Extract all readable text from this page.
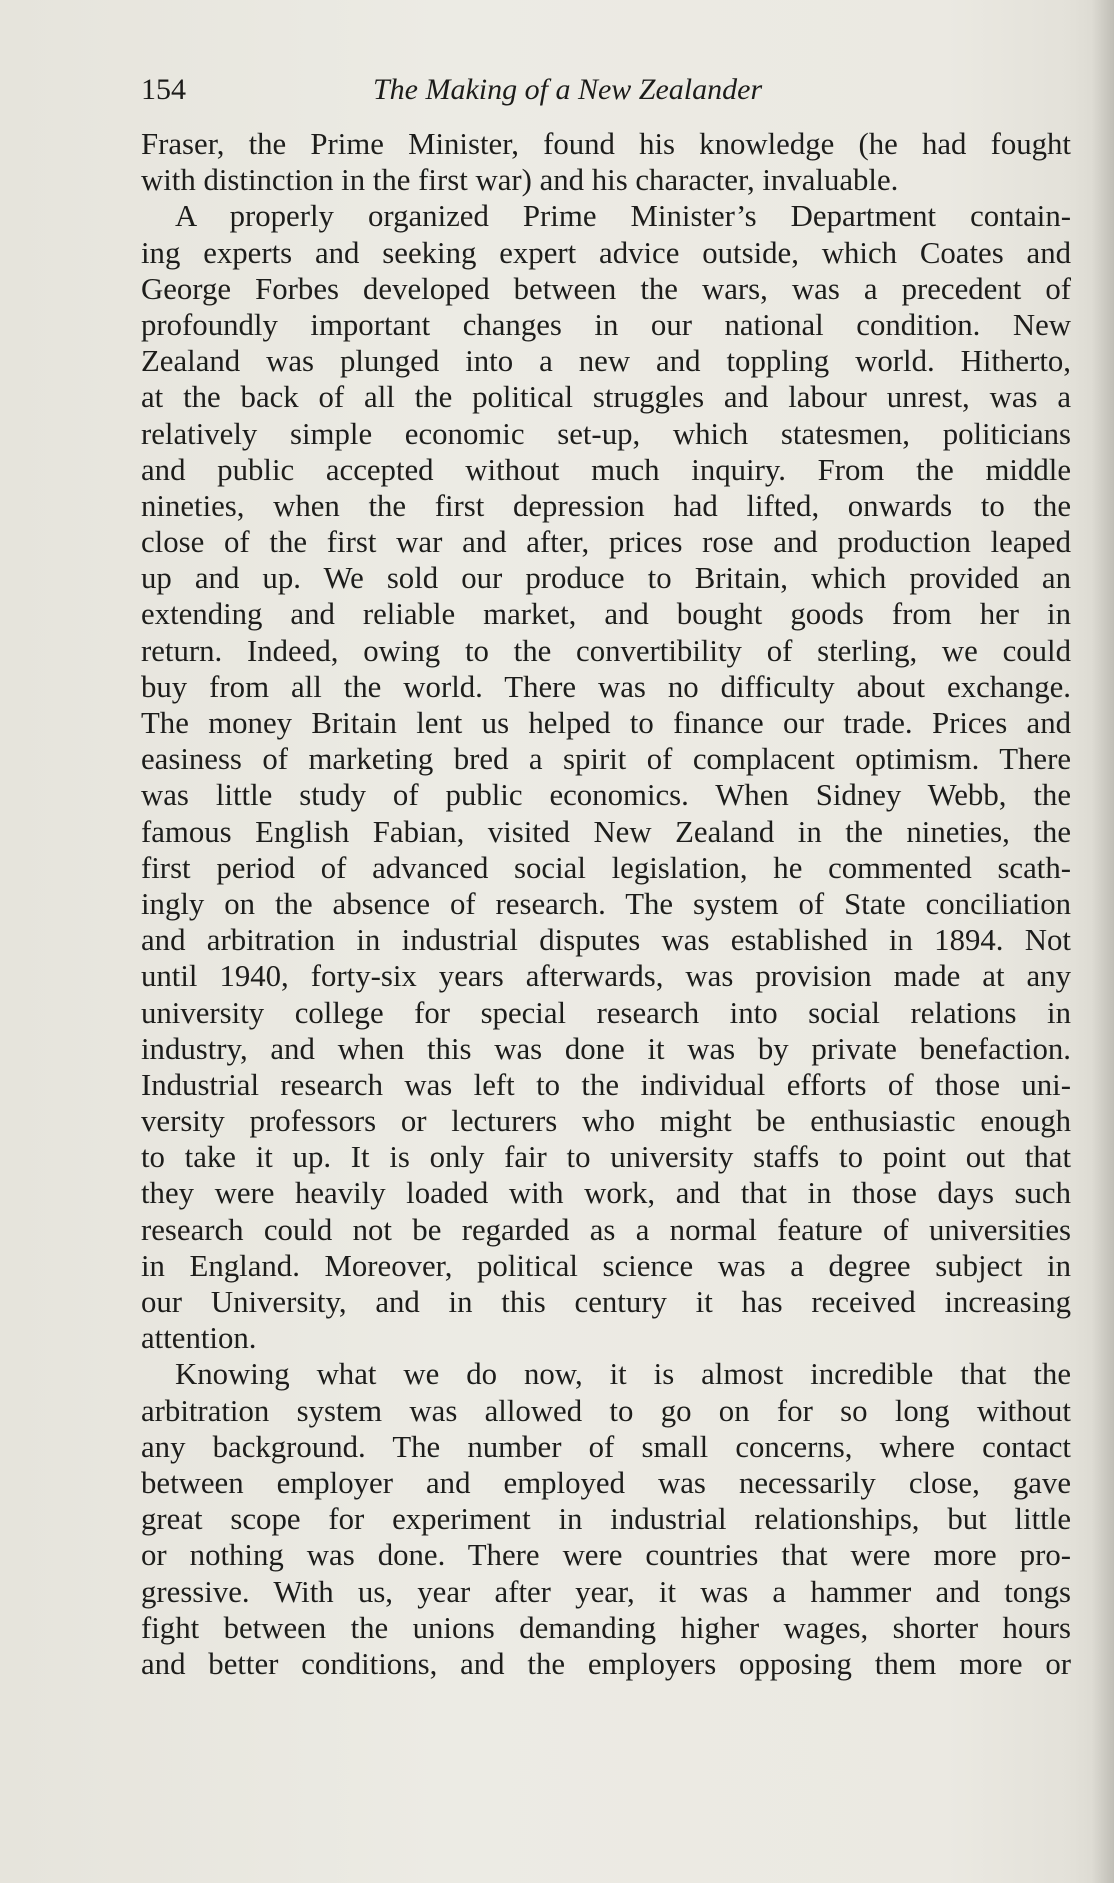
154	The Making of a New Zealander
Fraser, the Prime Minister, found his knowledge (he had fought
with distinction in the first war) and his character, invaluable.
A properly organized Prime Minister’s Department contain-
ing experts and seeking expert advice outside, which Coates and
George Forbes developed between the wars, was a precedent of
profoundly important changes in our national condition. New
Zealand was plunged into a new and toppling world. Hitherto,
at the back of all the political struggles and labour unrest, was a
relatively simple economic set-up, which statesmen, politicians
and public accepted without much inquiry. From the middle
nineties, when the first depression had lifted, onwards to the
close of the first war and after, prices rose and production leaped
up and up. We sold our produce to Britain, which provided an
extending and reliable market, and bought goods from her in
return. Indeed, owing to the convertibility of sterling, we could
buy from all the world. There was no difficulty about exchange.
The money Britain lent us helped to finance our trade. Prices and
easiness of marketing bred a spirit of complacent optimism. There
was little study of public economics. When Sidney Webb, the
famous English Fabian, visited New Zealand in the nineties, the
first period of advanced social legislation, he commented scath-
ingly on the absence of research. The system of State conciliation
and arbitration in industrial disputes was established in 1894. Not
until 1940, forty-six years afterwards, was provision made at any
university college for special research into social relations in
industry, and when this was done it was by private benefaction.
Industrial research was left to the individual efforts of those uni-
versity professors or lecturers who might be enthusiastic enough
to take it up. It is only fair to university staffs to point out that
they were heavily loaded with work, and that in those days such
research could not be regarded as a normal feature of universities
in England. Moreover, political science was a degree subject in
our University, and in this century it has received increasing
attention.
Knowing what we do now, it is almost incredible that the
arbitration system was allowed to go on for so long without
any background. The number of small concerns, where contact
between employer and employed was necessarily close, gave
great scope for experiment in industrial relationships, but little
or nothing was done. There were countries that were more pro-
gressive. With us, year after year, it was a hammer and tongs
fight between the unions demanding higher wages, shorter hours
and better conditions, and the employers opposing them more or
